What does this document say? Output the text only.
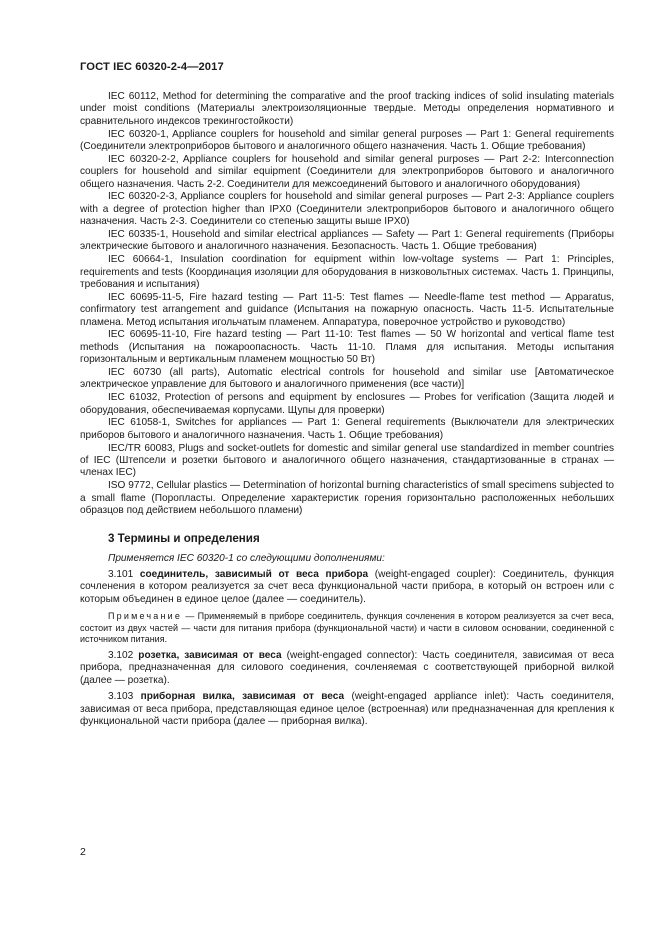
ГОСТ IEC 60320-2-4—2017

IEC 60112, Method for determining the comparative and the proof tracking indices of solid insulating materials under moist conditions (Материалы электроизоляционные твердые. Методы определения нормативного и сравнительного индексов трекингостойкости)

IEC 60320-1, Appliance couplers for household and similar general purposes — Part 1: General requirements (Соединители электроприборов бытового и аналогичного общего назначения. Часть 1. Общие требования)

IEC 60320-2-2, Appliance couplers for household and similar general purposes — Part 2-2: Interconnection couplers for household and similar equipment (Соединители для электроприборов бытового и аналогичного общего назначения. Часть 2-2. Соединители для межсоединений бытового и аналогичного оборудования)

IEC 60320-2-3, Appliance couplers for household and similar general purposes — Part 2-3: Appliance couplers with a degree of protection higher than IPX0 (Соединители электроприборов бытового и аналогичного общего назначения. Часть 2-3. Соединители со степенью защиты выше IPX0)

IEC 60335-1, Household and similar electrical appliances — Safety — Part 1: General requirements (Приборы электрические бытового и аналогичного назначения. Безопасность. Часть 1. Общие требования)

IEC 60664-1, Insulation coordination for equipment within low-voltage systems — Part 1: Principles, requirements and tests (Координация изоляции для оборудования в низковольтных системах. Часть 1. Принципы, требования и испытания)

IEC 60695-11-5, Fire hazard testing — Part 11-5: Test flames — Needle-flame test method — Apparatus, confirmatory test arrangement and guidance (Испытания на пожарную опасность. Часть 11-5. Испытательные пламена. Метод испытания игольчатым пламенем. Аппаратура, поверочное устройство и руководство)

IEC 60695-11-10, Fire hazard testing — Part 11-10: Test flames — 50 W horizontal and vertical flame test methods (Испытания на пожароопасность. Часть 11-10. Пламя для испытания. Методы испытания горизонтальным и вертикальным пламенем мощностью 50 Вт)

IEC 60730 (all parts), Automatic electrical controls for household and similar use [Автоматическое электрическое управление для бытового и аналогичного применения (все части)]

IEC 61032, Protection of persons and equipment by enclosures — Probes for verification (Защита людей и оборудования, обеспечиваемая корпусами. Щупы для проверки)

IEC 61058-1, Switches for appliances — Part 1: General requirements (Выключатели для электрических приборов бытового и аналогичного назначения. Часть 1. Общие требования)

IEC/TR 60083, Plugs and socket-outlets for domestic and similar general use standardized in member countries of IEC (Штепсели и розетки бытового и аналогичного общего назначения, стандартизованные в странах — членах IEC)

ISO 9772, Cellular plastics — Determination of horizontal burning characteristics of small specimens subjected to a small flame (Поропласты. Определение характеристик горения горизонтально расположенных небольших образцов под действием небольшого пламени)

3 Термины и определения

Применяется IEC 60320-1 со следующими дополнениями:

3.101 соединитель, зависимый от веса прибора (weight-engaged coupler): Соединитель, функция сочленения в котором реализуется за счет веса функциональной части прибора, в который он встроен или с которым объединен в единое целое (далее — соединитель).

Примечание — Применяемый в приборе соединитель, функция сочленения в котором реализуется за счет веса, состоит из двух частей — части для питания прибора (функциональной части) и части в силовом основании, соединенной с источником питания.

3.102 розетка, зависимая от веса (weight-engaged connector): Часть соединителя, зависимая от веса прибора, предназначенная для силового соединения, сочленяемая с соответствующей приборной вилкой (далее — розетка).

3.103 приборная вилка, зависимая от веса (weight-engaged appliance inlet): Часть соединителя, зависимая от веса прибора, представляющая единое целое (встроенная) или предназначенная для крепления к функциональной части прибора (далее — приборная вилка).

2
